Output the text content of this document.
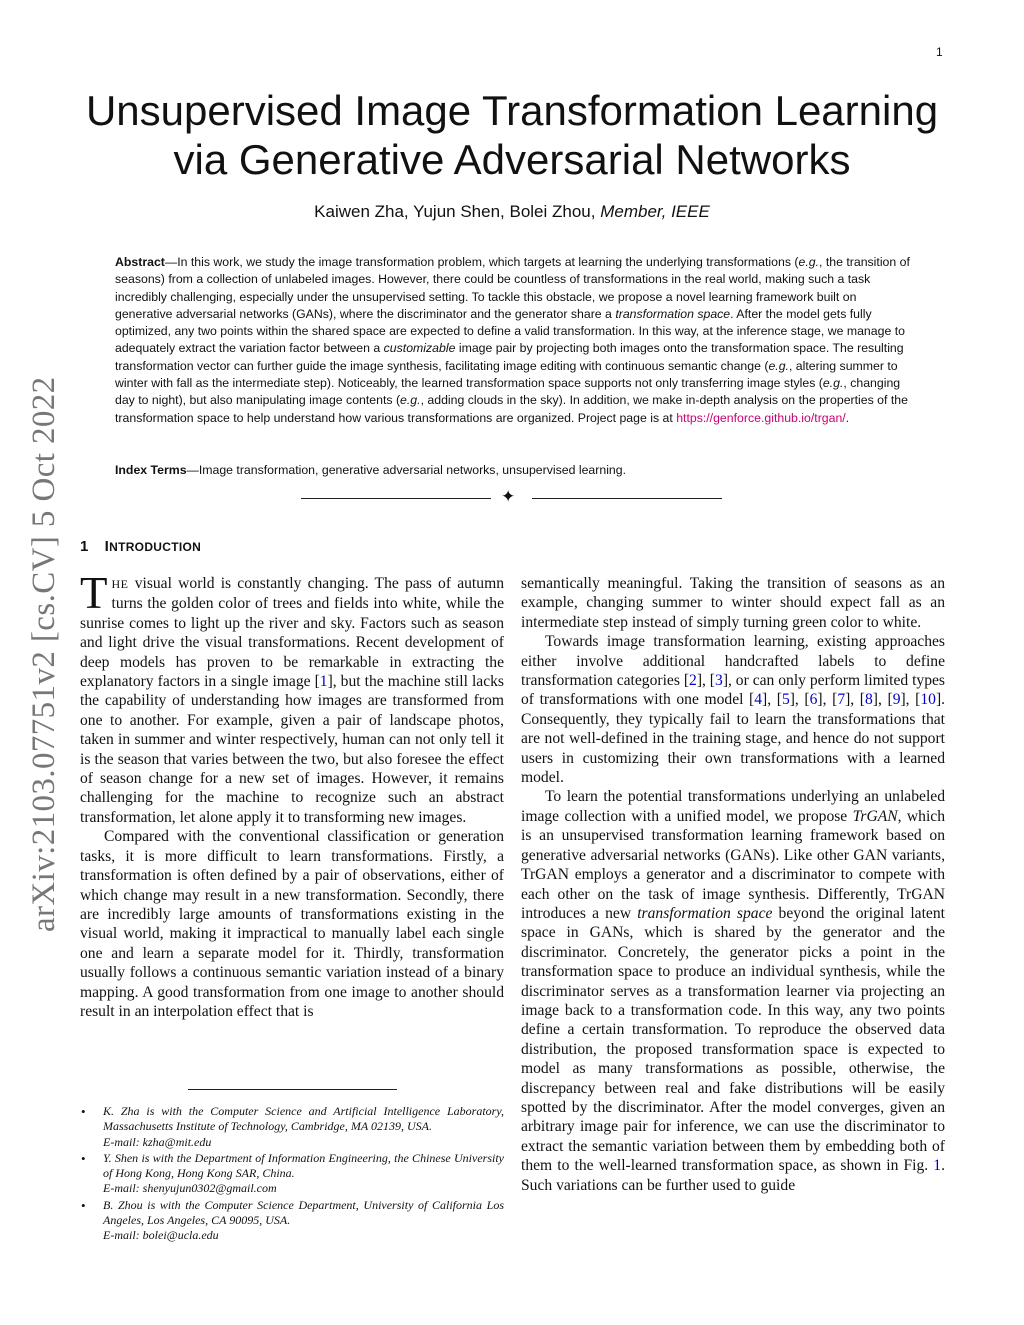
1
Unsupervised Image Transformation Learning
via Generative Adversarial Networks
Kaiwen Zha, Yujun Shen, Bolei Zhou, Member, IEEE

Abstract—In this work, we study the image transformation problem, which targets at learning the underlying transformations (e.g., the transition of seasons) from a collection of unlabeled images. However, there could be countless of transformations in the real world, making such a task incredibly challenging, especially under the unsupervised setting. To tackle this obstacle, we propose a novel learning framework built on generative adversarial networks (GANs), where the discriminator and the generator share a transformation space. After the model gets fully optimized, any two points within the shared space are expected to define a valid transformation. In this way, at the inference stage, we manage to adequately extract the variation factor between a customizable image pair by projecting both images onto the transformation space. The resulting transformation vector can further guide the image synthesis, facilitating image editing with continuous semantic change (e.g., altering summer to winter with fall as the intermediate step). Noticeably, the learned transformation space supports not only transferring image styles (e.g., changing day to night), but also manipulating image contents (e.g., adding clouds in the sky). In addition, we make in-depth analysis on the properties of the transformation space to help understand how various transformations are organized. Project page is at https://genforce.github.io/trgan/.

Index Terms—Image transformation, generative adversarial networks, unsupervised learning.

✦
1 INTRODUCTION

THE visual world is constantly changing. The pass of autumn turns the golden color of trees and fields into white, while the sunrise comes to light up the river and sky. Factors such as season and light drive the visual transformations. Recent development of deep models has proven to be remarkable in extracting the explanatory factors in a single image [1], but the machine still lacks the capability of understanding how images are transformed from one to another. For example, given a pair of landscape photos, taken in summer and winter respectively, human can not only tell it is the season that varies between the two, but also foresee the effect of season change for a new set of images. However, it remains challenging for the machine to recognize such an abstract transformation, let alone apply it to transforming new images.

Compared with the conventional classification or generation tasks, it is more difficult to learn transformations. Firstly, a transformation is often defined by a pair of observations, either of which change may result in a new transformation. Secondly, there are incredibly large amounts of transformations existing in the visual world, making it impractical to manually label each single one and learn a separate model for it. Thirdly, transformation usually follows a continuous semantic variation instead of a binary mapping. A good transformation from one image to another should result in an interpolation effect that is

semantically meaningful. Taking the transition of seasons as an example, changing summer to winter should expect fall as an intermediate step instead of simply turning green color to white.

Towards image transformation learning, existing approaches either involve additional handcrafted labels to define transformation categories [2], [3], or can only perform limited types of transformations with one model [4], [5], [6], [7], [8], [9], [10]. Consequently, they typically fail to learn the transformations that are not well-defined in the training stage, and hence do not support users in customizing their own transformations with a learned model.

To learn the potential transformations underlying an unlabeled image collection with a unified model, we propose TrGAN, which is an unsupervised transformation learning framework based on generative adversarial networks (GANs). Like other GAN variants, TrGAN employs a generator and a discriminator to compete with each other on the task of image synthesis. Differently, TrGAN introduces a new transformation space beyond the original latent space in GANs, which is shared by the generator and the discriminator. Concretely, the generator picks a point in the transformation space to produce an individual synthesis, while the discriminator serves as a transformation learner via projecting an image back to a transformation code. In this way, any two points define a certain transformation. To reproduce the observed data distribution, the proposed transformation space is expected to model as many transformations as possible, otherwise, the discrepancy between real and fake distributions will be easily spotted by the discriminator. After the model converges, given an arbitrary image pair for inference, we can use the discriminator to extract the semantic variation between them by embedding both of them to the well-learned transformation space, as shown in Fig. 1. Such variations can be further used to guide

• K. Zha is with the Computer Science and Artificial Intelligence Laboratory, Massachusetts Institute of Technology, Cambridge, MA 02139, USA.
E-mail: kzha@mit.edu
• Y. Shen is with the Department of Information Engineering, the Chinese University of Hong Kong, Hong Kong SAR, China.
E-mail: shenyujun0302@gmail.com
• B. Zhou is with the Computer Science Department, University of California Los Angeles, Los Angeles, CA 90095, USA.
E-mail: bolei@ucla.edu
arXiv:2103.07751v2 [cs.CV] 5 Oct 2022
